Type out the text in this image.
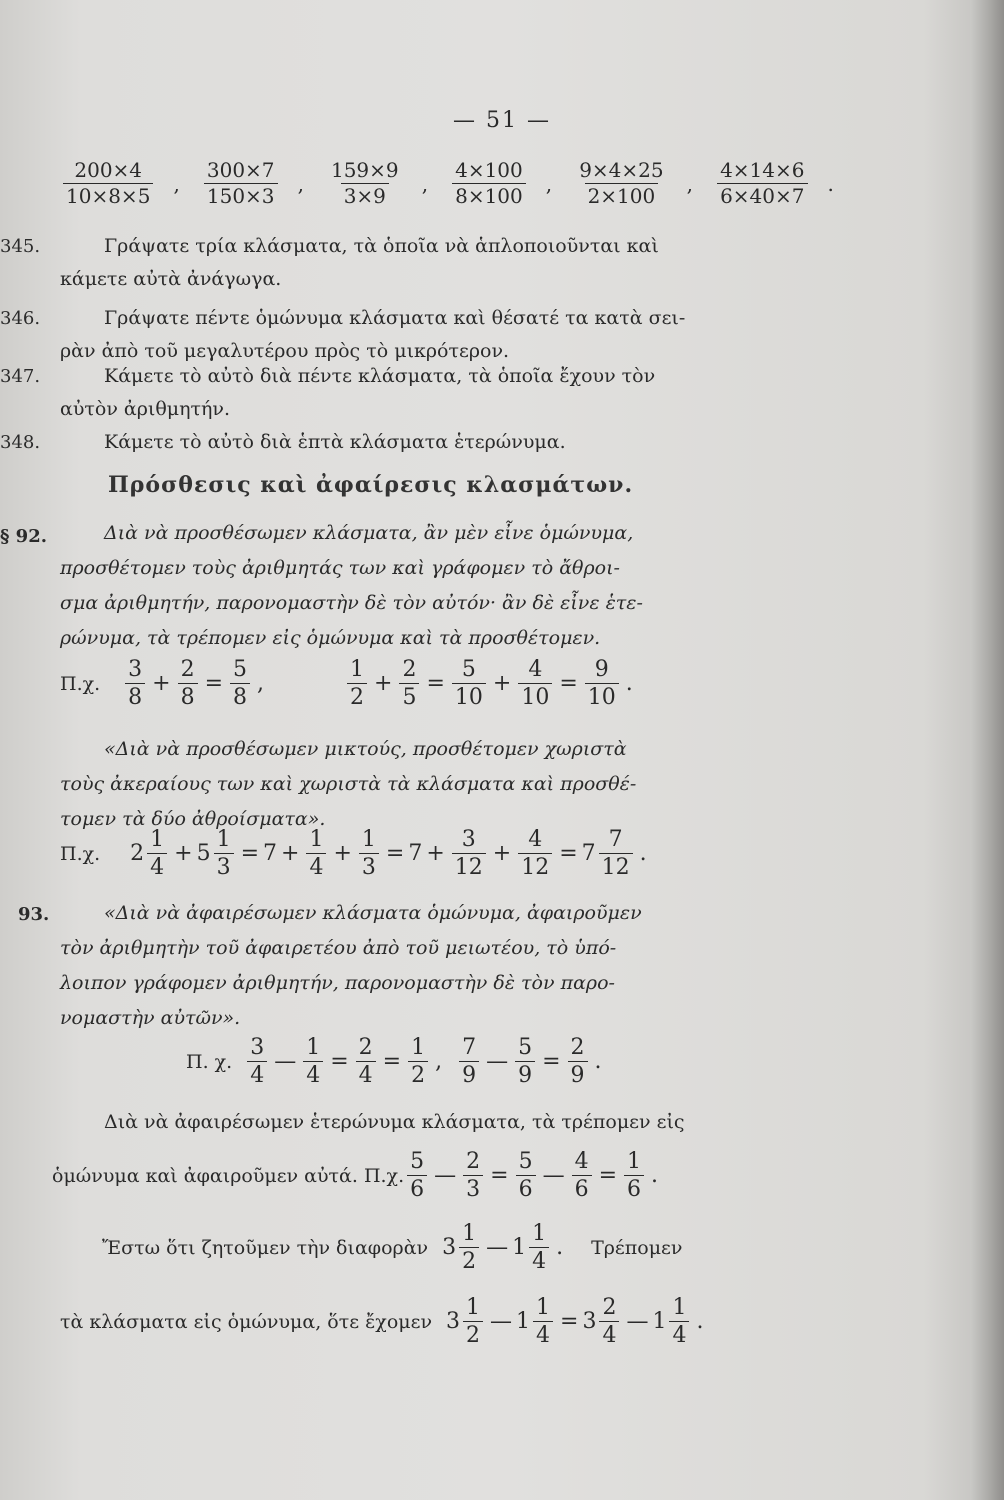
— 51 —
$\frac{200\times 4}{10\times 8\times 5}$ , $\frac{300\times 7}{150\times 3}$ , $\frac{159\times 9}{3\times 9}$ , $\frac{4\times 100}{8\times 100}$ , $\frac{9\times 4\times 25}{2\times 100}$ , $\frac{4\times 14\times 6}{6\times 40\times 7}$ .
345.	Γράψατε τρία κλάσματα, τὰ ὁποῖα νὰ ἁπλοποιοῦνται καὶ
κάμετε αὐτὰ ἀνάγωγα.
346.	Γράψατε πέντε ὁμώνυμα κλάσματα καὶ θέσατέ τα κατὰ σει-
ρὰν ἀπὸ τοῦ μεγαλυτέρου πρὸς τὸ μικρότερον.
347.	Κάμετε τὸ αὐτὸ διὰ πέντε κλάσματα, τὰ ὁποῖα ἔχουν τὸν
αὐτὸν ἀριθμητήν.
348.	Κάμετε τὸ αὐτὸ διὰ ἑπτὰ κλάσματα ἑτερώνυμα.
Πρόσθεσις καὶ ἀφαίρεσις κλασμάτων.
§ 92.	Διὰ νὰ προσθέσωμεν κλάσματα, ἂν μὲν εἶνε ὁμώνυμα,
προσθέτομεν τοὺς ἀριθμητάς των καὶ γράφομεν τὸ ἄθροι-
σμα ἀριθμητήν, παρονομαστὴν δὲ τὸν αὐτόν· ἂν δὲ εἶνε ἑτε-
ρώνυμα, τὰ τρέπομεν εἰς ὁμώνυμα καὶ τὰ προσθέτομεν.
Π.χ. $\frac{3}{8} + \frac{2}{8} = \frac{5}{8}$ ,	$\frac{1}{2} + \frac{2}{5} = \frac{5}{10} + \frac{4}{10} = \frac{9}{10}$ .
«Διὰ νὰ προσθέσωμεν μικτούς, προσθέτομεν χωριστὰ
τοὺς ἀκεραίους των καὶ χωριστὰ τὰ κλάσματα καὶ προσθέ-
τομεν τὰ δύο ἀθροίσματα».
Π.χ. $2 \frac{1}{4} + 5 \frac{1}{3} = 7 + \frac{1}{4} + \frac{1}{3} = 7 + \frac{3}{12} + \frac{4}{12} = 7 \frac{7}{12}$ .
93.	«Διὰ νὰ ἀφαιρέσωμεν κλάσματα ὁμώνυμα, ἀφαιροῦμεν
τὸν ἀριθμητὴν τοῦ ἀφαιρετέου ἀπὸ τοῦ μειωτέου, τὸ ὑπό-
λοιπον γράφομεν ἀριθμητήν, παρονομαστὴν δὲ τὸν παρο-
νομαστὴν αὐτῶν».
Π. χ. $\frac{3}{4}$ — $\frac{1}{4} = \frac{2}{4} = \frac{1}{2}$ , $\frac{7}{9}$ — $\frac{5}{9} = \frac{2}{9}$ .
Διὰ νὰ ἀφαιρέσωμεν ἑτερώνυμα κλάσματα, τὰ τρέπομεν εἰς
ὁμώνυμα καὶ ἀφαιροῦμεν αὐτά. Π.χ. $\frac{5}{6}$ — $\frac{2}{3} = \frac{5}{6}$ — $\frac{4}{6} = \frac{1}{6}$ .
Ἔστω ὅτι ζητοῦμεν τὴν διαφορὰν $3 \frac{1}{2}$ — $1 \frac{1}{4}$ . Τρέπομεν
τὰ κλάσματα εἰς ὁμώνυμα, ὅτε ἔχομεν $3 \frac{1}{2}$ — $1 \frac{1}{4} = 3 \frac{2}{4}$ — $1 \frac{1}{4}$ .
